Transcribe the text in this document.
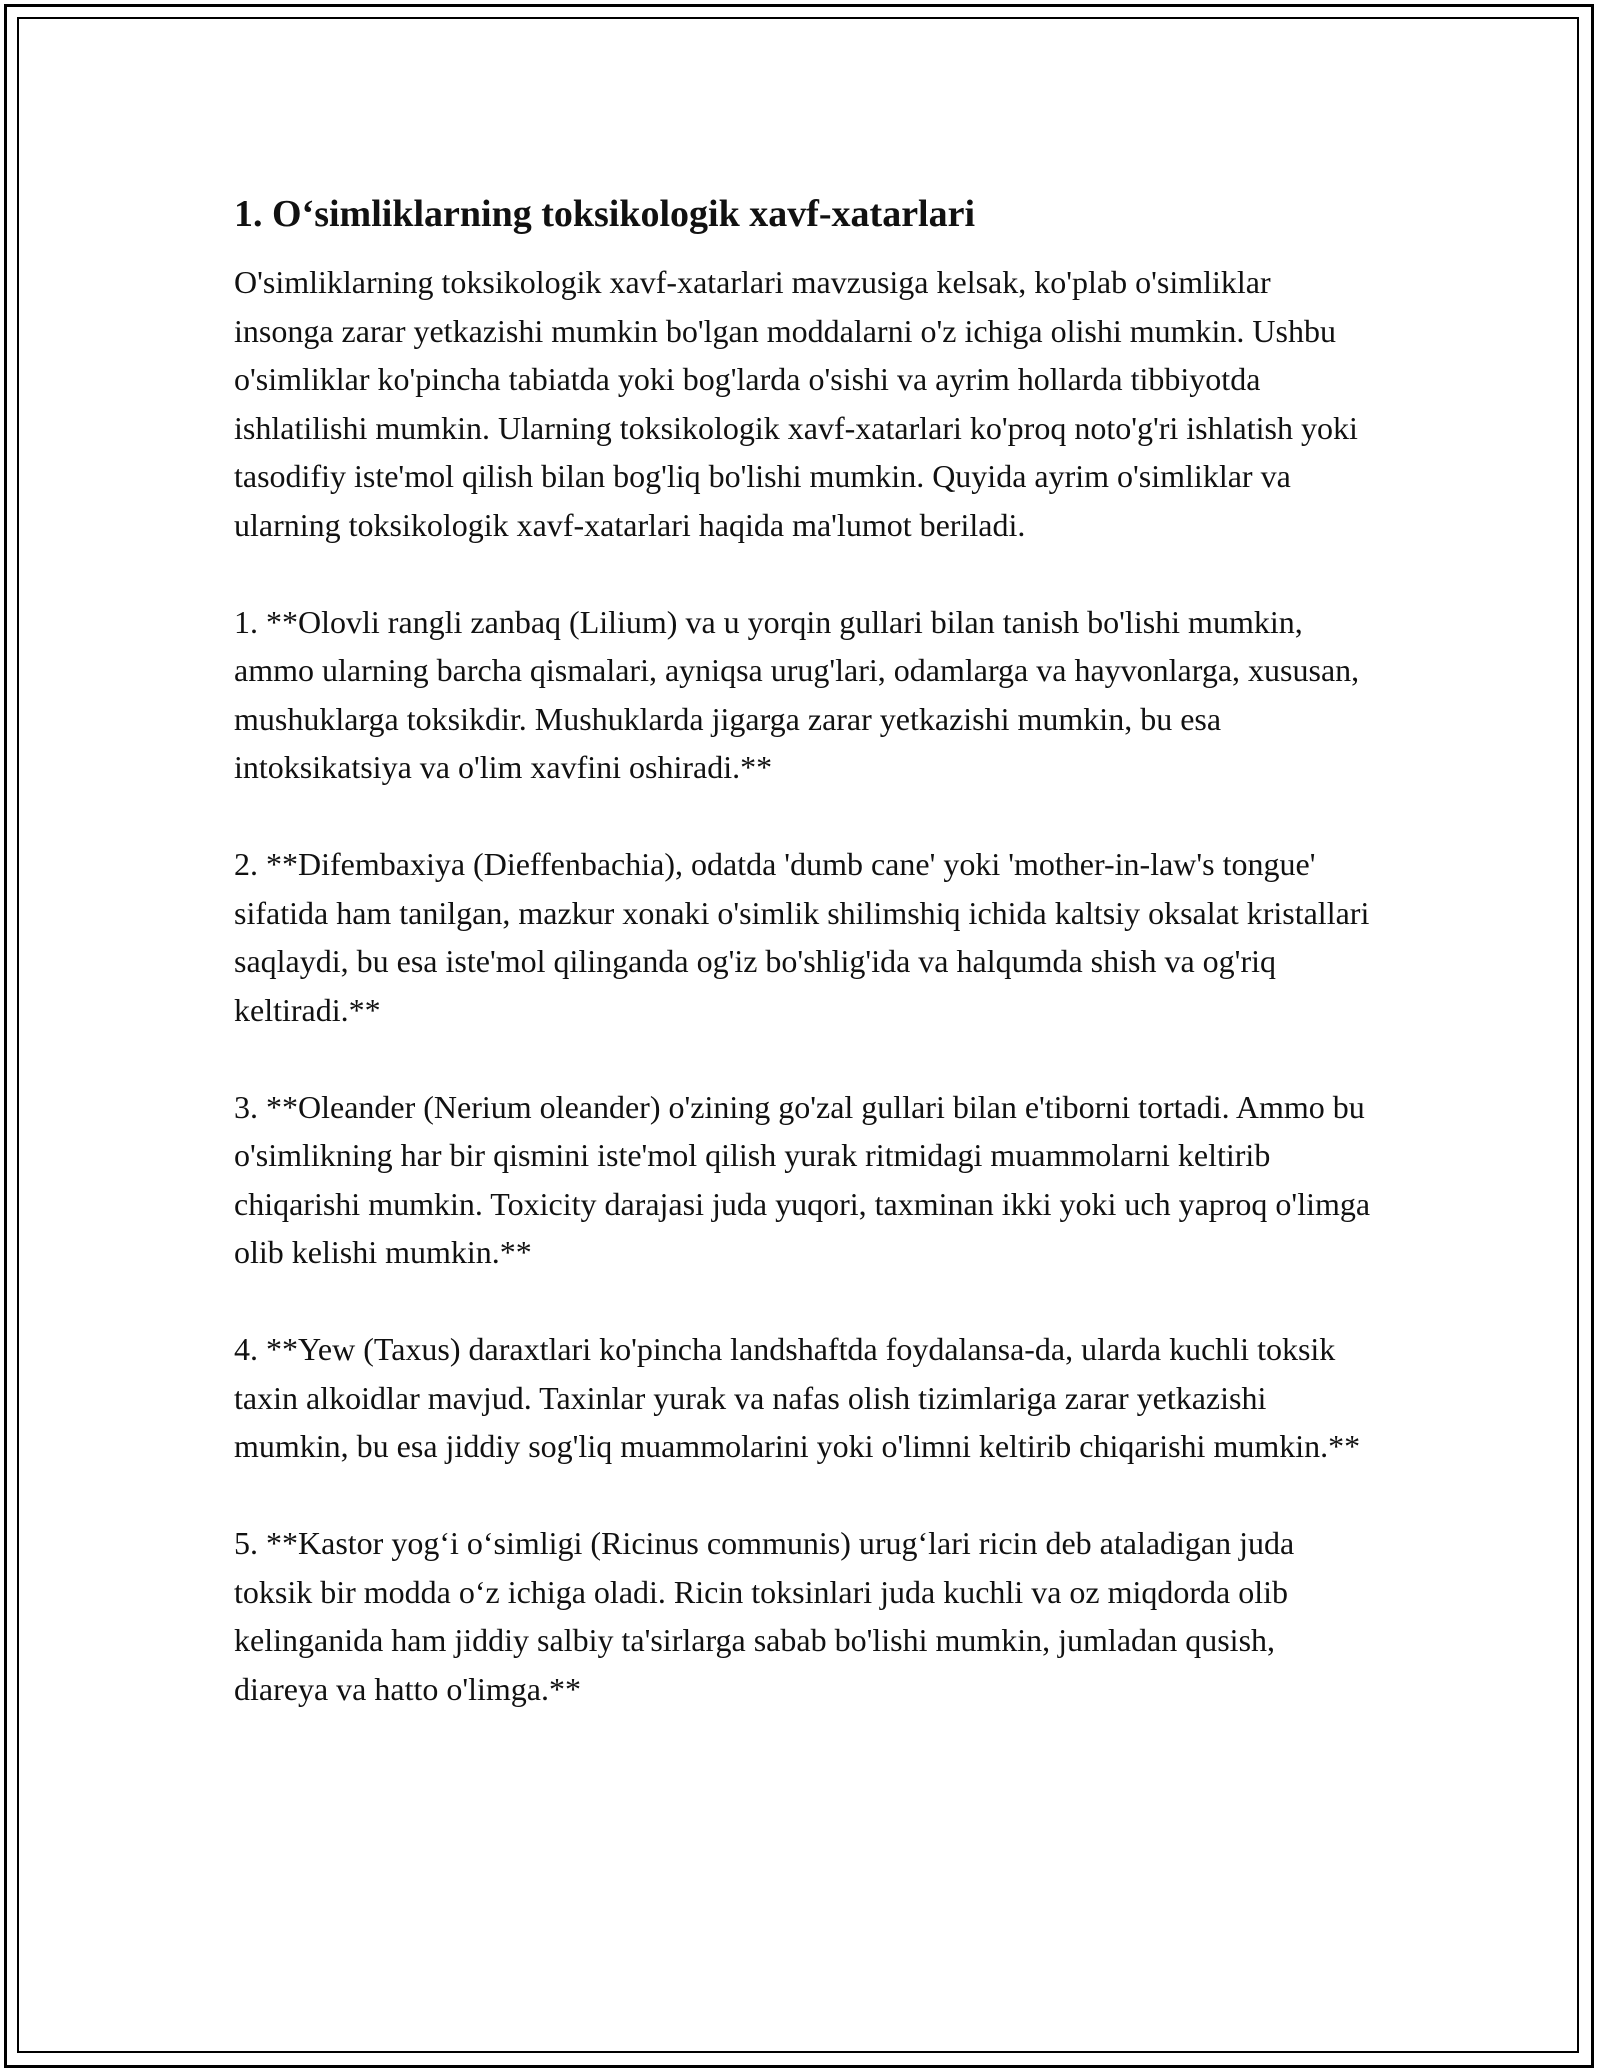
1. O‘simliklarning toksikologik xavf-xatarlari

O'simliklarning toksikologik xavf-xatarlari mavzusiga kelsak, ko'plab o'simliklar insonga zarar yetkazishi mumkin bo'lgan moddalarni o'z ichiga olishi mumkin. Ushbu o'simliklar ko'pincha tabiatda yoki bog'larda o'sishi va ayrim hollarda tibbiyotda ishlatilishi mumkin. Ularning toksikologik xavf-xatarlari ko'proq noto'g'ri ishlatish yoki tasodifiy iste'mol qilish bilan bog'liq bo'lishi mumkin. Quyida ayrim o'simliklar va ularning toksikologik xavf-xatarlari haqida ma'lumot beriladi.

1. **Olovli rangli zanbaq (Lilium) va u yorqin gullari bilan tanish bo'lishi mumkin, ammo ularning barcha qismalari, ayniqsa urug'lari, odamlarga va hayvonlarga, xususan, mushuklarga toksikdir. Mushuklarda jigarga zarar yetkazishi mumkin, bu esa intoksikatsiya va o'lim xavfini oshiradi.**

2. **Difembaxiya (Dieffenbachia), odatda 'dumb cane' yoki 'mother-in-law's tongue' sifatida ham tanilgan, mazkur xonaki o'simlik shilimshiq ichida kaltsiy oksalat kristallari saqlaydi, bu esa iste'mol qilinganda og'iz bo'shlig'ida va halqumda shish va og'riq keltiradi.**

3. **Oleander (Nerium oleander) o'zining go'zal gullari bilan e'tiborni tortadi. Ammo bu o'simlikning har bir qismini iste'mol qilish yurak ritmidagi muammolarni keltirib chiqarishi mumkin. Toxicity darajasi juda yuqori, taxminan ikki yoki uch yaproq o'limga olib kelishi mumkin.**

4. **Yew (Taxus) daraxtlari ko'pincha landshaftda foydalansa-da, ularda kuchli toksik taxin alkoidlar mavjud. Taxinlar yurak va nafas olish tizimlariga zarar yetkazishi mumkin, bu esa jiddiy sog'liq muammolarini yoki o'limni keltirib chiqarishi mumkin.**

5. **Kastor yog‘i o‘simligi (Ricinus communis) urug‘lari ricin deb ataladigan juda toksik bir modda o‘z ichiga oladi. Ricin toksinlari juda kuchli va oz miqdorda olib kelinganida ham jiddiy salbiy ta'sirlarga sabab bo'lishi mumkin, jumladan qusish, diareya va hatto o'limga.**
